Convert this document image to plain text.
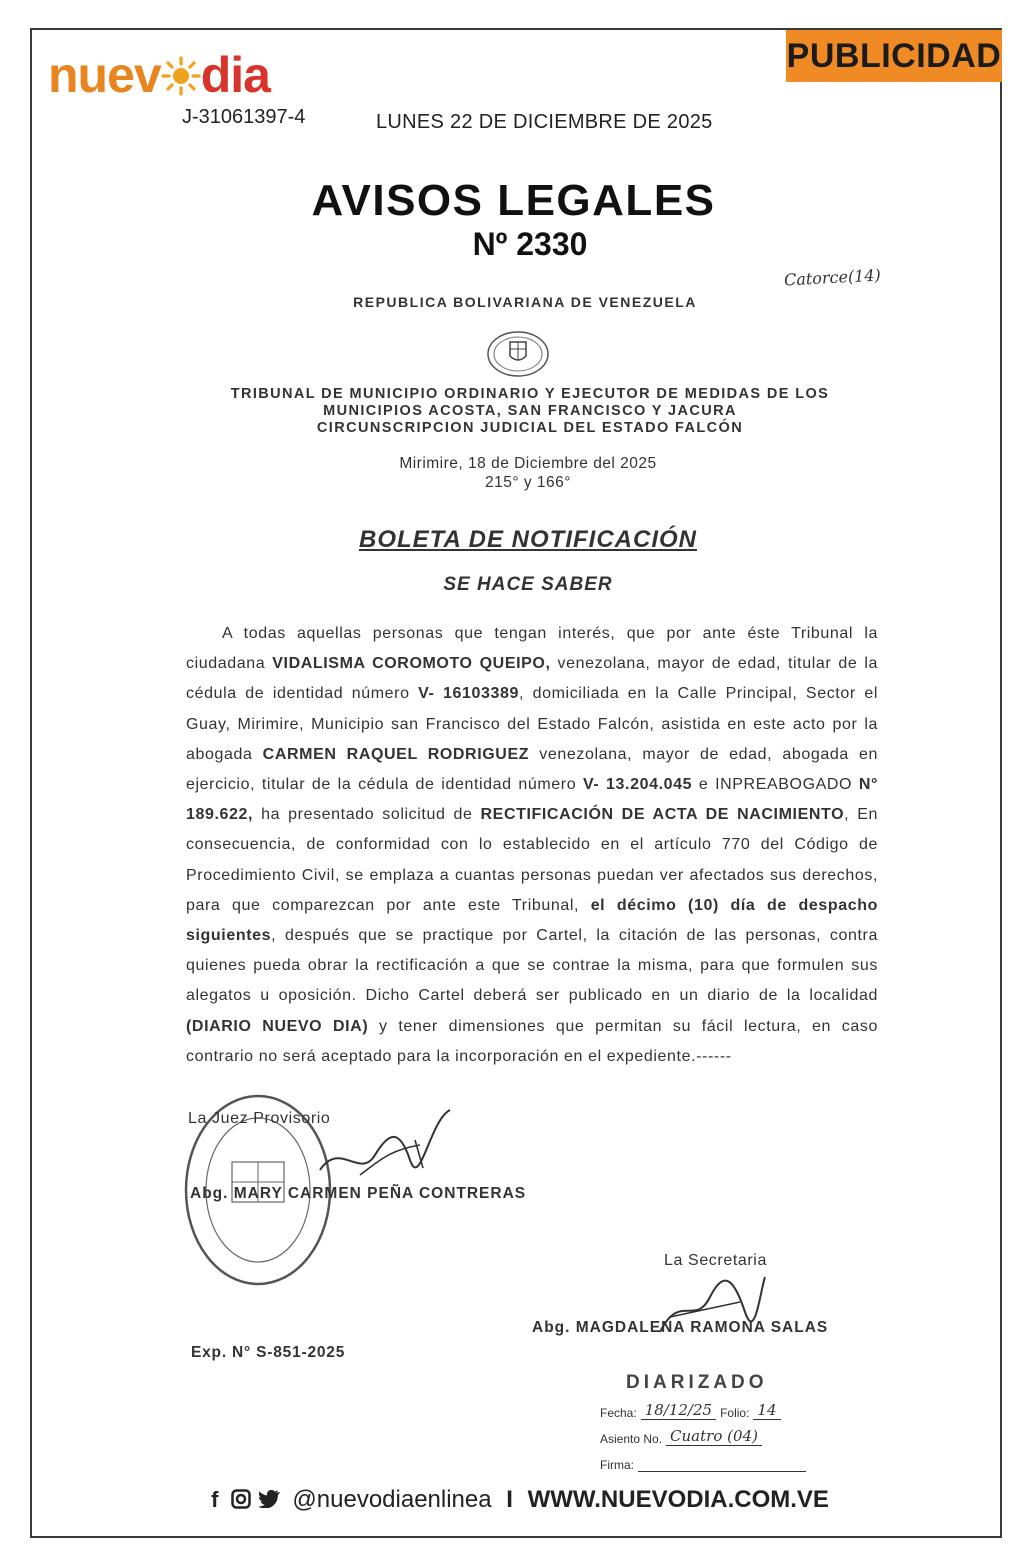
nuev dia
J-31061397-4	LUNES 22 DE DICIEMBRE DE 2025
PUBLICIDAD
AVISOS LEGALES
Nº 2330
Catorce(14)
REPUBLICA BOLIVARIANA DE VENEZUELA
TRIBUNAL DE MUNICIPIO ORDINARIO Y EJECUTOR DE MEDIDAS DE LOS
MUNICIPIOS ACOSTA, SAN FRANCISCO Y JACURA
CIRCUNSCRIPCION JUDICIAL DEL ESTADO FALCÓN
Mirimire, 18 de Diciembre del 2025
215° y 166°
BOLETA DE NOTIFICACIÓN
SE HACE SABER

A todas aquellas personas que tengan interés, que por ante éste Tribunal la ciudadana VIDALISMA COROMOTO QUEIPO, venezolana, mayor de edad, titular de la cédula de identidad número V- 16103389, domiciliada en la Calle Principal, Sector el Guay, Mirimire, Municipio san Francisco del Estado Falcón, asistida en este acto por la abogada CARMEN RAQUEL RODRIGUEZ venezolana, mayor de edad, abogada en ejercicio, titular de la cédula de identidad número V- 13.204.045 e INPREABOGADO N° 189.622, ha presentado solicitud de RECTIFICACIÓN DE ACTA DE NACIMIENTO, En consecuencia, de conformidad con lo establecido en el artículo 770 del Código de Procedimiento Civil, se emplaza a cuantas personas puedan ver afectados sus derechos, para que comparezcan por ante este Tribunal, el décimo (10) día de despacho siguientes, después que se practique por Cartel, la citación de las personas, contra quienes pueda obrar la rectificación a que se contrae la misma, para que formulen sus alegatos u oposición. Dicho Cartel deberá ser publicado en un diario de la localidad (DIARIO NUEVO DIA) y tener dimensiones que permitan su fácil lectura, en caso contrario no será aceptado para la incorporación en el expediente.------

La Juez Provisorio
Abg. MARY CARMEN PEÑA CONTRERAS
La Secretaria
Abg. MAGDALENA RAMONA SALAS
Exp. N° S-851-2025
DIARIZADO
Fecha: 18/12/25 Folio: 14
Asiento No. Cuatro (04)
Firma:

f	@nuevodiaenlinea I WWW.NUEVODIA.COM.VE
